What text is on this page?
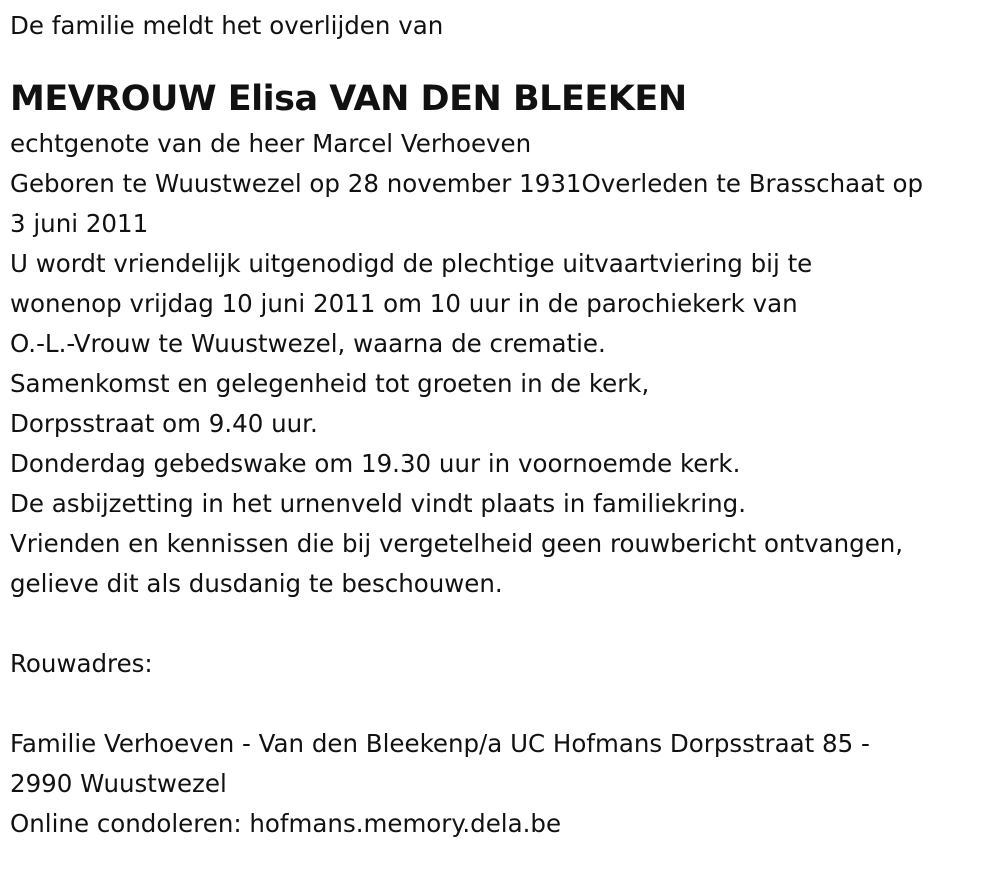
De familie meldt het overlijden van
MEVROUW Elisa VAN DEN BLEEKEN
echtgenote van de heer Marcel Verhoeven
Geboren te Wuustwezel op 28 november 1931Overleden te Brasschaat op
3 juni 2011
U wordt vriendelijk uitgenodigd de plechtige uitvaartviering bij te
wonenop vrijdag 10 juni 2011 om 10 uur in de parochiekerk van
O.-L.-Vrouw te Wuustwezel, waarna de crematie.
Samenkomst en gelegenheid tot groeten in de kerk,
Dorpsstraat om 9.40 uur.
Donderdag gebedswake om 19.30 uur in voornoemde kerk.
De asbijzetting in het urnenveld vindt plaats in familiekring.
Vrienden en kennissen die bij vergetelheid geen rouwbericht ontvangen,
gelieve dit als dusdanig te beschouwen.
Rouwadres:
Familie Verhoeven - Van den Bleekenp/a UC Hofmans Dorpsstraat 85 -
2990 Wuustwezel
Online condoleren: hofmans.memory.dela.be
